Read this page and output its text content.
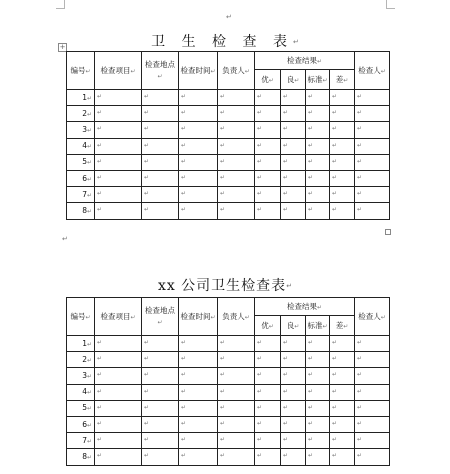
↵
+	卫 生 检 查 表↵
编号↵	检查项目↵	检查地点↵	检查时间↵	负责人↵	检查结果↵				检查人↵
					优↵	良↵	标准↵	差↵	
1↵	↵	↵	↵	↵	↵	↵	↵	↵	↵
2↵	↵	↵	↵	↵	↵	↵	↵	↵	↵
3↵	↵	↵	↵	↵	↵	↵	↵	↵	↵
4↵	↵	↵	↵	↵	↵	↵	↵	↵	↵
5↵	↵	↵	↵	↵	↵	↵	↵	↵	↵
6↵	↵	↵	↵	↵	↵	↵	↵	↵	↵
7↵	↵	↵	↵	↵	↵	↵	↵	↵	↵
8↵	↵	↵	↵	↵	↵	↵	↵	↵	↵
↵
xx 公司卫生检查表↵
编号↵	检查项目↵	检查地点↵	检查时间↵	负责人↵	检查结果↵				检查人↵
					优↵	良↵	标准↵	差↵	
1↵	↵	↵	↵	↵	↵	↵	↵	↵	↵
2↵	↵	↵	↵	↵	↵	↵	↵	↵	↵
3↵	↵	↵	↵	↵	↵	↵	↵	↵	↵
4↵	↵	↵	↵	↵	↵	↵	↵	↵	↵
5↵	↵	↵	↵	↵	↵	↵	↵	↵	↵
6↵	↵	↵	↵	↵	↵	↵	↵	↵	↵
7↵	↵	↵	↵	↵	↵	↵	↵	↵	↵
8↵	↵	↵	↵	↵	↵	↵	↵	↵	↵
